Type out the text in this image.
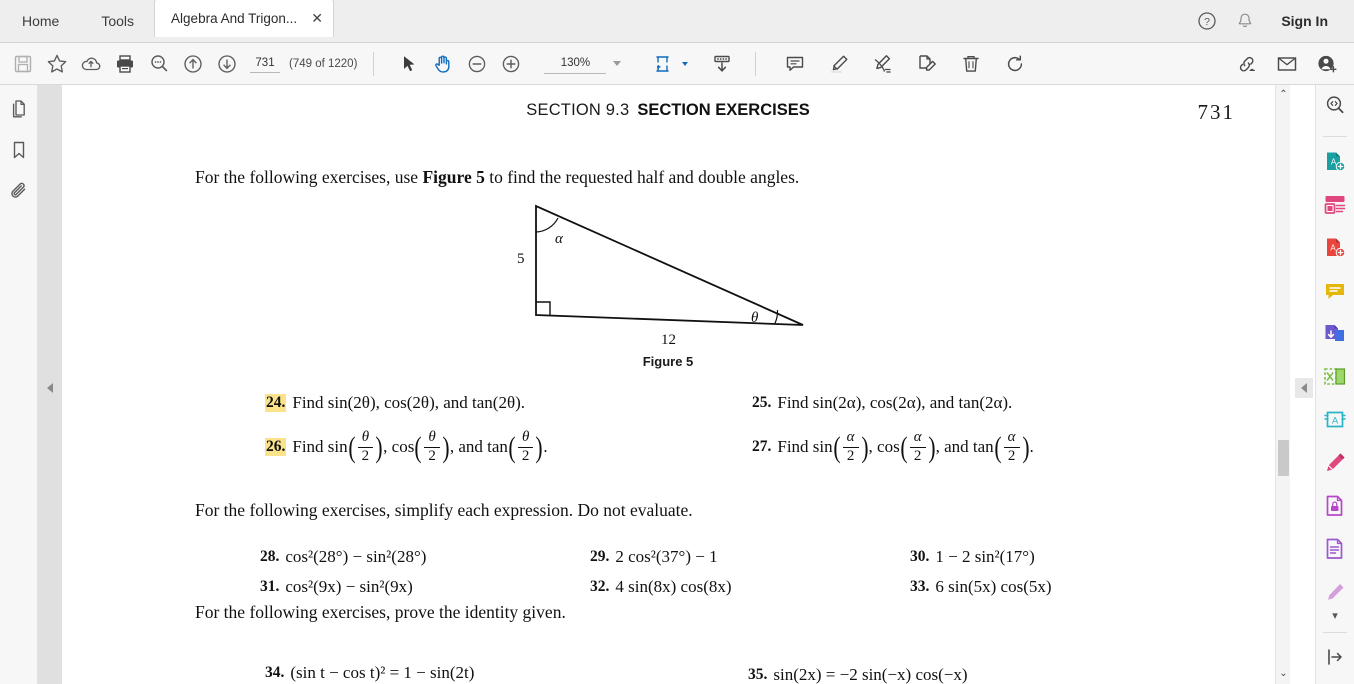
Home	Tools	Algebra And Trigon... ✕	?	Sign In
731
(749 of 1220)	130%
SECTION 9.3 SECTION EXERCISES	731
For the following exercises, use Figure 5 to find the requested half and double angles.
α
5
θ
12
Figure 5
24. Find sin(2θ), cos(2θ), and tan(2θ).	25. Find sin(2α), cos(2α), and tan(2α).
26. Find sin ( $\frac{\theta}{2}$ ) , cos ( $\frac{\theta}{2}$ ) , and tan ( $\frac{\theta}{2}$ ) .	27. Find sin ( $\frac{\alpha}{2}$ ) , cos ( $\frac{\alpha}{2}$ ) , and tan ( $\frac{\alpha}{2}$ ) .
For the following exercises, simplify each expression. Do not evaluate.
28. cos²(28°) − sin²(28°)	29. 2 cos²(37°) − 1	30. 1 − 2 sin²(17°)
31. cos²(9x) − sin²(9x)	32. 4 sin(8x) cos(8x)	33. 6 sin(5x) cos(5x)
For the following exercises, prove the identity given.
34. (sin t − cos t)² = 1 − sin(2t)	35. sin(2x) = −2 sin(−x) cos(−x)
⌃
⌄
A
A
A
▾
